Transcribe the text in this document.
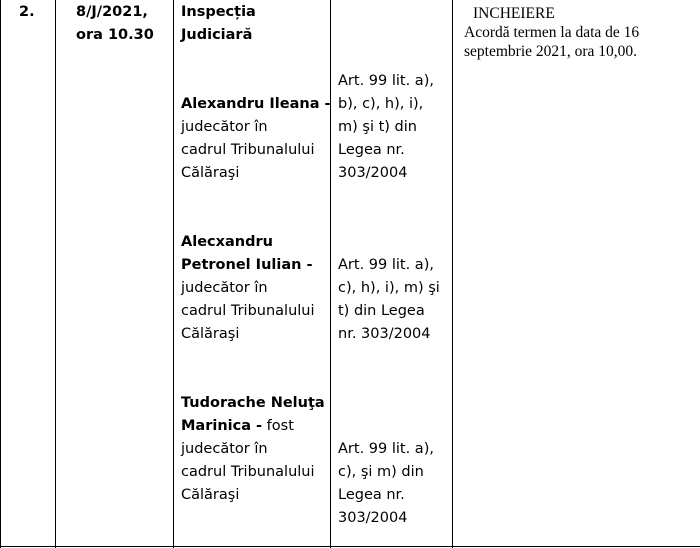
2.	8/J/2021,
ora 10.30
Inspecția
Judiciară
Alexandru Ileana -
judecător în
cadrul Tribunalului
Călăraşi
Alecxandru
Petronel Iulian -
judecător în
cadrul Tribunalului
Călăraşi
Tudorache Neluţa
Marinica - fost
judecător în
cadrul Tribunalului
Călăraşi
Art. 99 lit. a),
b), c), h), i),
m) şi t) din
Legea nr.
303/2004
Art. 99 lit. a),
c), h), i), m) şi
t) din Legea
nr. 303/2004
Art. 99 lit. a),
c), şi m) din
Legea nr.
303/2004
INCHEIERE
Acordă termen la data de 16
septembrie 2021, ora 10,00.
